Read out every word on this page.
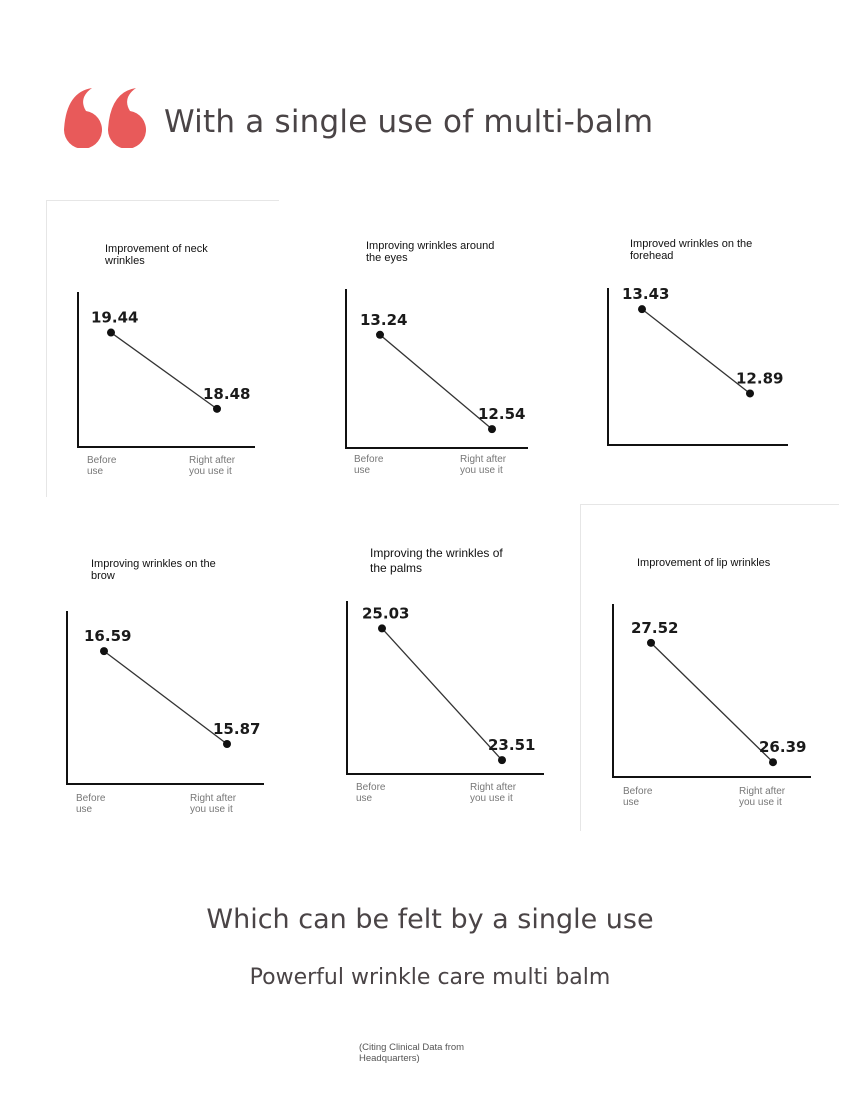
With a single use of multi-balm
Improvement of neck wrinkles
19.44
18.48
Before use
Right after you use it
Improving wrinkles around the eyes
13.24
12.54
Before use
Right after you use it
Improved wrinkles on the forehead
13.43
12.89
Improving wrinkles on the brow
16.59
15.87
Before use
Right after you use it
Improving the wrinkles of the palms
25.03
23.51
Before use
Right after you use it
Improvement of lip wrinkles
27.52
26.39
Before use
Right after you use it
Which can be felt by a single use
Powerful wrinkle care multi balm
(Citing Clinical Data from Headquarters)
